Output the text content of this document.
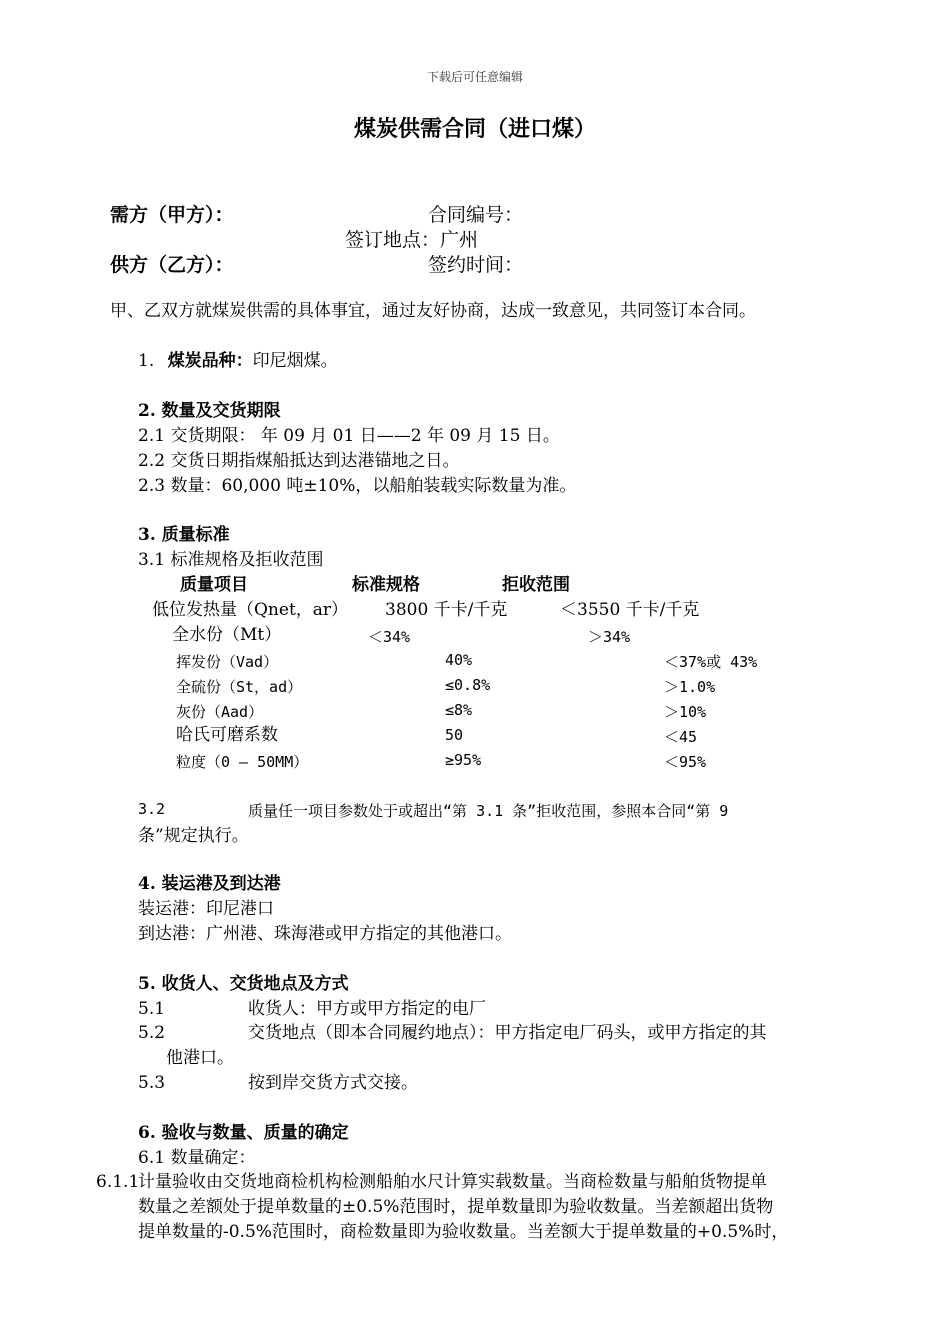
下载后可任意编辑
煤炭供需合同（进口煤）
需方（甲方）：	合同编号：
签订地点：广州
供方（乙方）：	签约时间：
甲、乙双方就煤炭供需的具体事宜，通过友好协商，达成一致意见，共同签订本合同。
1. 煤炭品种：印尼烟煤。
2. 数量及交货期限
2.1 交货期限： 年 09 月 01 日——2 年 09 月 15 日。
2.2 交货日期指煤船抵达到达港锚地之日。
2.3 数量：60,000 吨±10%，以船舶装载实际数量为准。
3. 质量标准
3.1 标准规格及拒收范围
质量项目	标准规格	拒收范围
低位发热量（Qnet，ar） 3800 千卡/千克	＜3550 千卡/千克
全水份（Mt）	＜34%	＞34%
挥发份（Vad）	40%	＜37%或 43%
全硫份（St，ad）	≤0.8%	＞1.0%
灰份（Aad）	≤8%	＞10%
哈氏可磨系数	50	＜45
粒度（0 – 50MM）	≥95%	＜95%
3.2	质量任一项目参数处于或超出“第 3.1 条”拒收范围，参照本合同“第 9
条”规定执行。
4. 装运港及到达港
装运港：印尼港口
到达港：广州港、珠海港或甲方指定的其他港口。
5. 收货人、交货地点及方式
5.1	收货人：甲方或甲方指定的电厂
5.2	交货地点（即本合同履约地点）：甲方指定电厂码头，或甲方指定的其
他港口。
5.3	按到岸交货方式交接。
6. 验收与数量、质量的确定
6.1 数量确定：
6.1.1
计量验收由交货地商检机构检测船舶水尺计算实载数量。当商检数量与船舶货物提单
数量之差额处于提单数量的±0.5%范围时，提单数量即为验收数量。当差额超出货物
提单数量的-0.5%范围时，商检数量即为验收数量。当差额大于提单数量的+0.5%时，
